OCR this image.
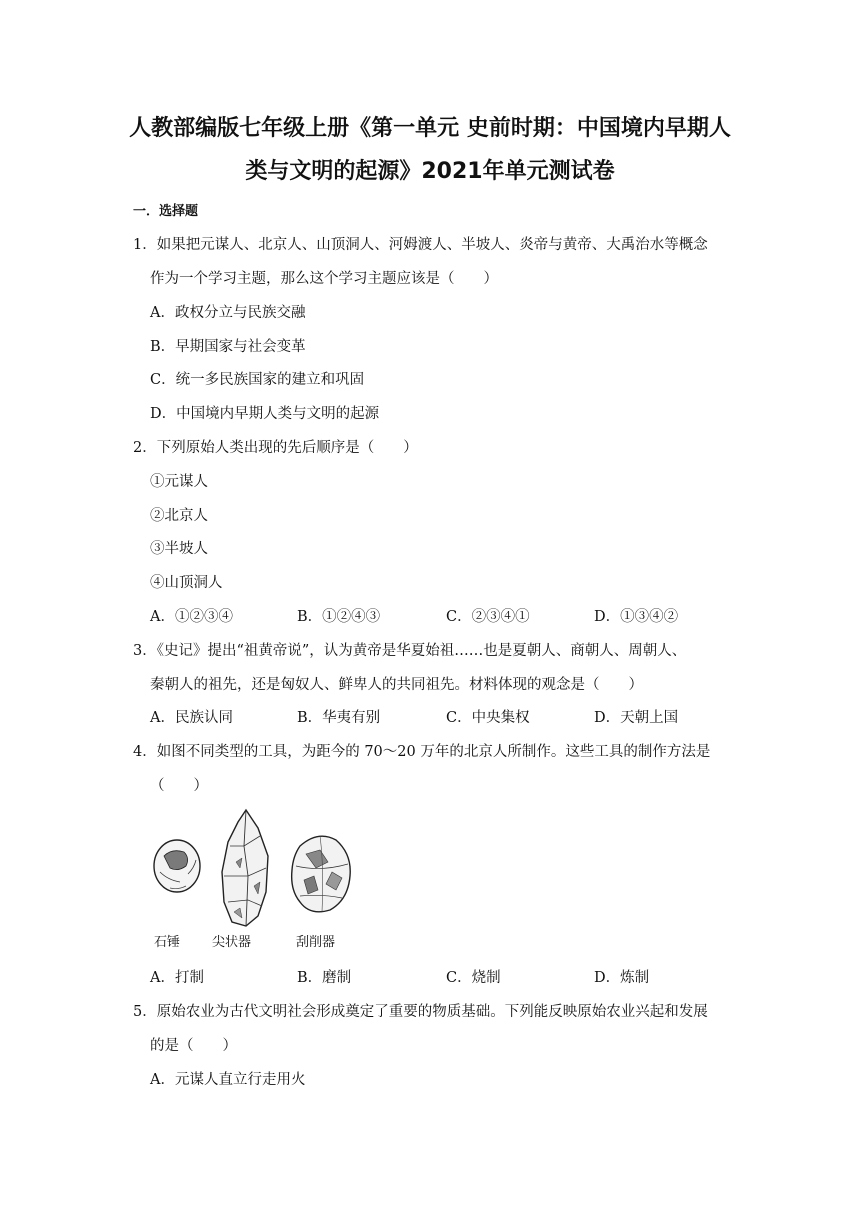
人教部编版七年级上册《第一单元 史前时期：中国境内早期人
类与文明的起源》2021年单元测试卷
一．选择题
1．如果把元谋人、北京人、山顶洞人、河姆渡人、半坡人、炎帝与黄帝、大禹治水等概念
作为一个学习主题，那么这个学习主题应该是（　　）
A．政权分立与民族交融
B．早期国家与社会变革
C．统一多民族国家的建立和巩固
D．中国境内早期人类与文明的起源
2．下列原始人类出现的先后顺序是（　　）
①元谋人
②北京人
③半坡人
④山顶洞人
A．①②③④	B．①②④③	C．②③④①	D．①③④②
3．《史记》提出“祖黄帝说”，认为黄帝是华夏始祖……也是夏朝人、商朝人、周朝人、
秦朝人的祖先，还是匈奴人、鲜卑人的共同祖先。材料体现的观念是（　　）
A．民族认同	B．华夷有别	C．中央集权	D．天朝上国
4．如图不同类型的工具，为距今的 70～20 万年的北京人所制作。这些工具的制作方法是
（　　）
石锤 尖状器	刮削器
A．打制	B．磨制	C．烧制	D．炼制
5．原始农业为古代文明社会形成奠定了重要的物质基础。下列能反映原始农业兴起和发展
的是（　　）
A．元谋人直立行走用火
